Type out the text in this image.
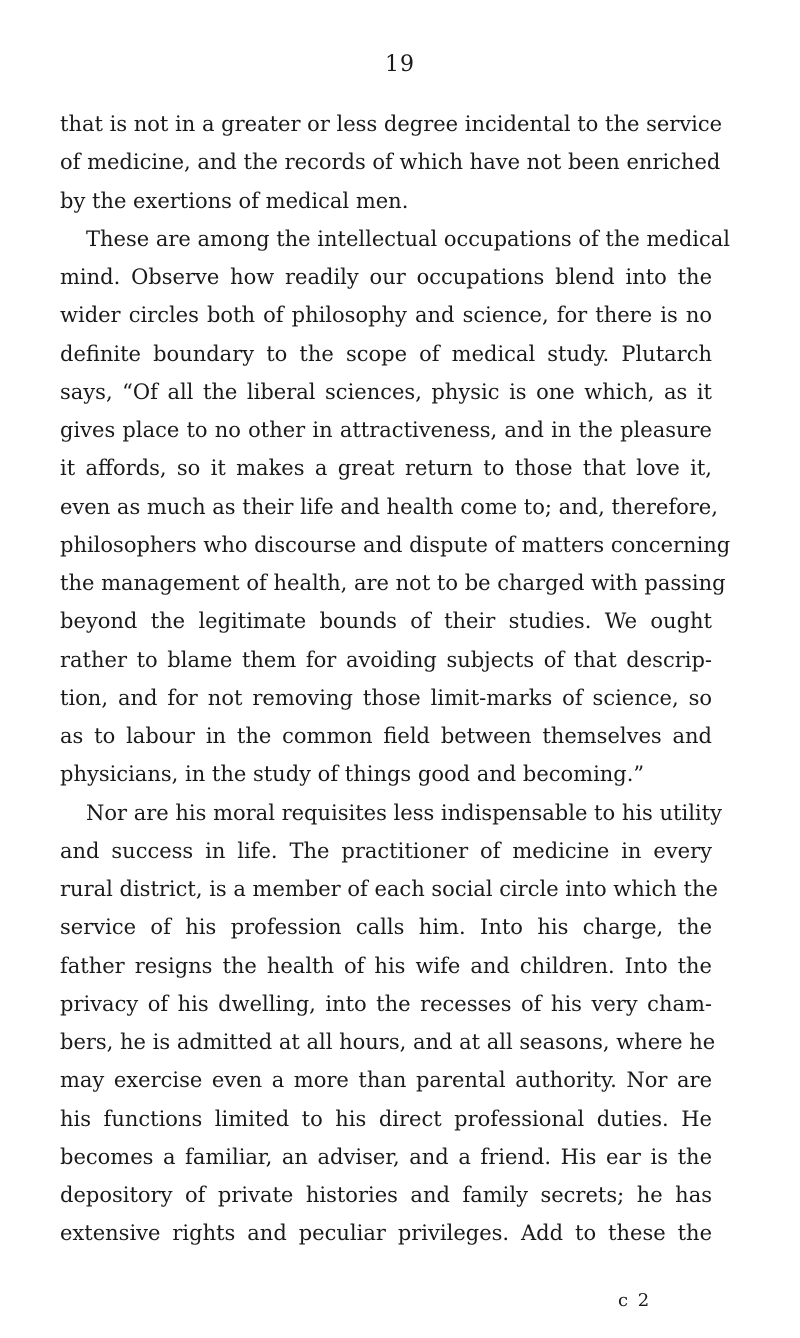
19
that is not in a greater or less degree incidental to the service
of medicine, and the records of which have not been enriched
by the exertions of medical men.
These are among the intellectual occupations of the medical
mind. Observe how readily our occupations blend into the
wider circles both of philosophy and science, for there is no
definite boundary to the scope of medical study. Plutarch
says, “Of all the liberal sciences, physic is one which, as it
gives place to no other in attractiveness, and in the pleasure
it affords, so it makes a great return to those that love it,
even as much as their life and health come to; and, therefore,
philosophers who discourse and dispute of matters concerning
the management of health, are not to be charged with passing
beyond the legitimate bounds of their studies. We ought
rather to blame them for avoiding subjects of that descrip-
tion, and for not removing those limit-marks of science, so
as to labour in the common field between themselves and
physicians, in the study of things good and becoming.”
Nor are his moral requisites less indispensable to his utility
and success in life. The practitioner of medicine in every
rural district, is a member of each social circle into which the
service of his profession calls him. Into his charge, the
father resigns the health of his wife and children. Into the
privacy of his dwelling, into the recesses of his very cham-
bers, he is admitted at all hours, and at all seasons, where he
may exercise even a more than parental authority. Nor are
his functions limited to his direct professional duties. He
becomes a familiar, an adviser, and a friend. His ear is the
depository of private histories and family secrets; he has
extensive rights and peculiar privileges. Add to these the
c 2
